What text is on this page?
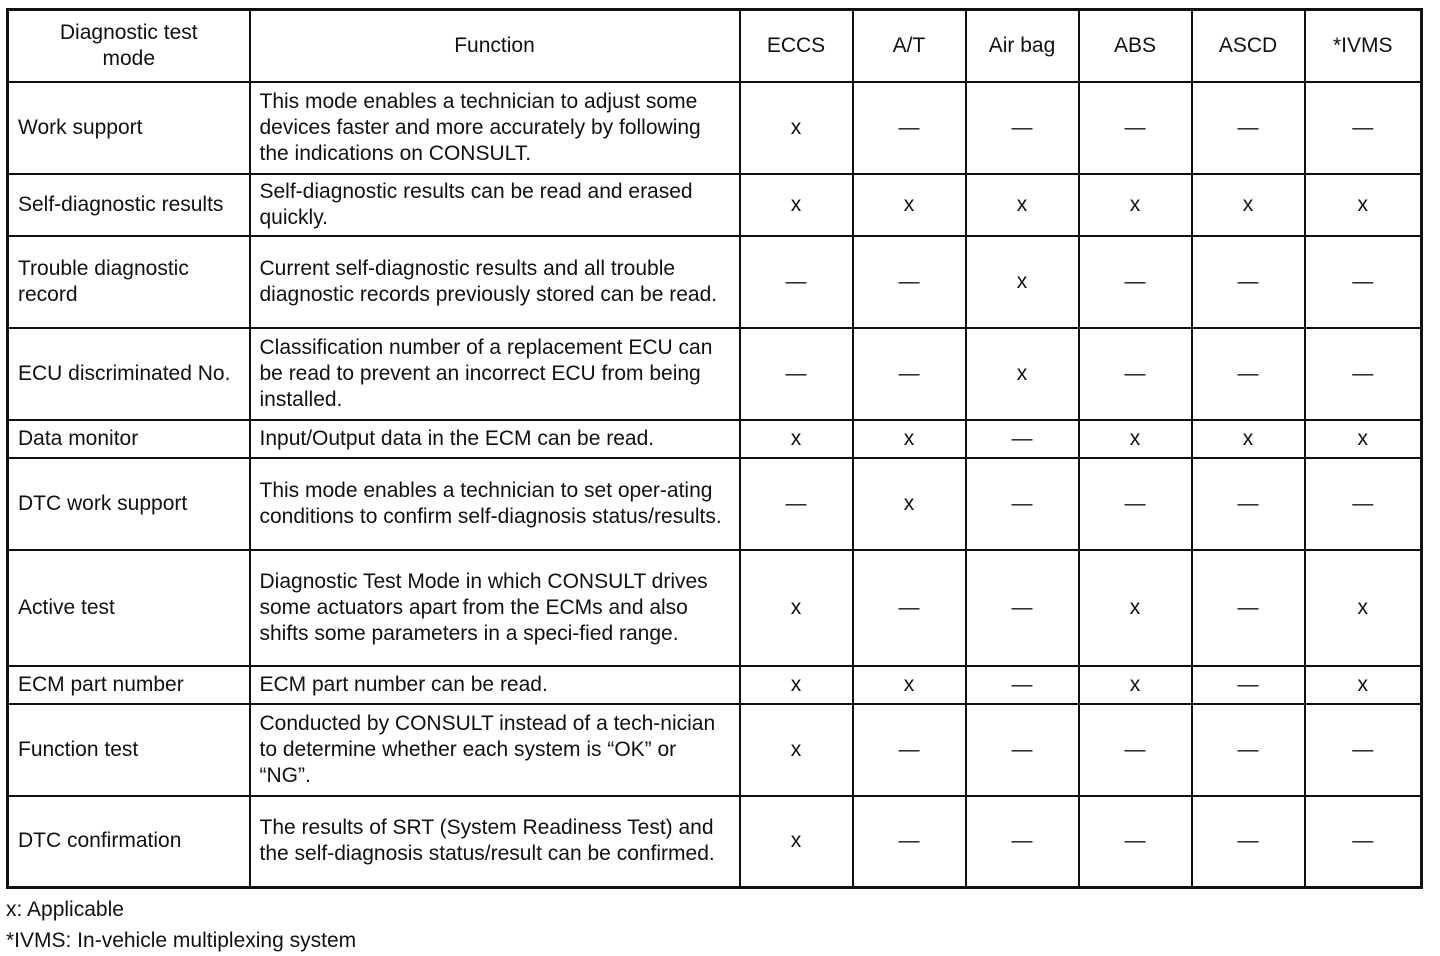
Diagnostic test mode	Function	ECCS	A/T	Air bag	ABS	ASCD	*IVMS
Work support	This mode enables a technician to adjust some devices faster and more accurately by following the indications on CONSULT.	x	—	—	—	—	—
Self-diagnostic results	Self-diagnostic results can be read and erased quickly.	x	x	x	x	x	x
Trouble diagnostic record	Current self-diagnostic results and all trouble diagnostic records previously stored can be read.	—	—	x	—	—	—
ECU discriminated No.	Classification number of a replacement ECU can be read to prevent an incorrect ECU from being installed.	—	—	x	—	—	—
Data monitor	Input/Output data in the ECM can be read.	x	x	—	x	x	x
DTC work support	This mode enables a technician to set oper-ating conditions to confirm self-diagnosis status/results.	—	x	—	—	—	—
Active test	Diagnostic Test Mode in which CONSULT drives some actuators apart from the ECMs and also shifts some parameters in a speci-fied range.	x	—	—	x	—	x
ECM part number	ECM part number can be read.	x	x	—	x	—	x
Function test	Conducted by CONSULT instead of a tech-nician to determine whether each system is “OK” or “NG”.	x	—	—	—	—	—
DTC confirmation	The results of SRT (System Readiness Test) and the self-diagnosis status/result can be confirmed.	x	—	—	—	—	—
x: Applicable
*IVMS: In-vehicle multiplexing system
